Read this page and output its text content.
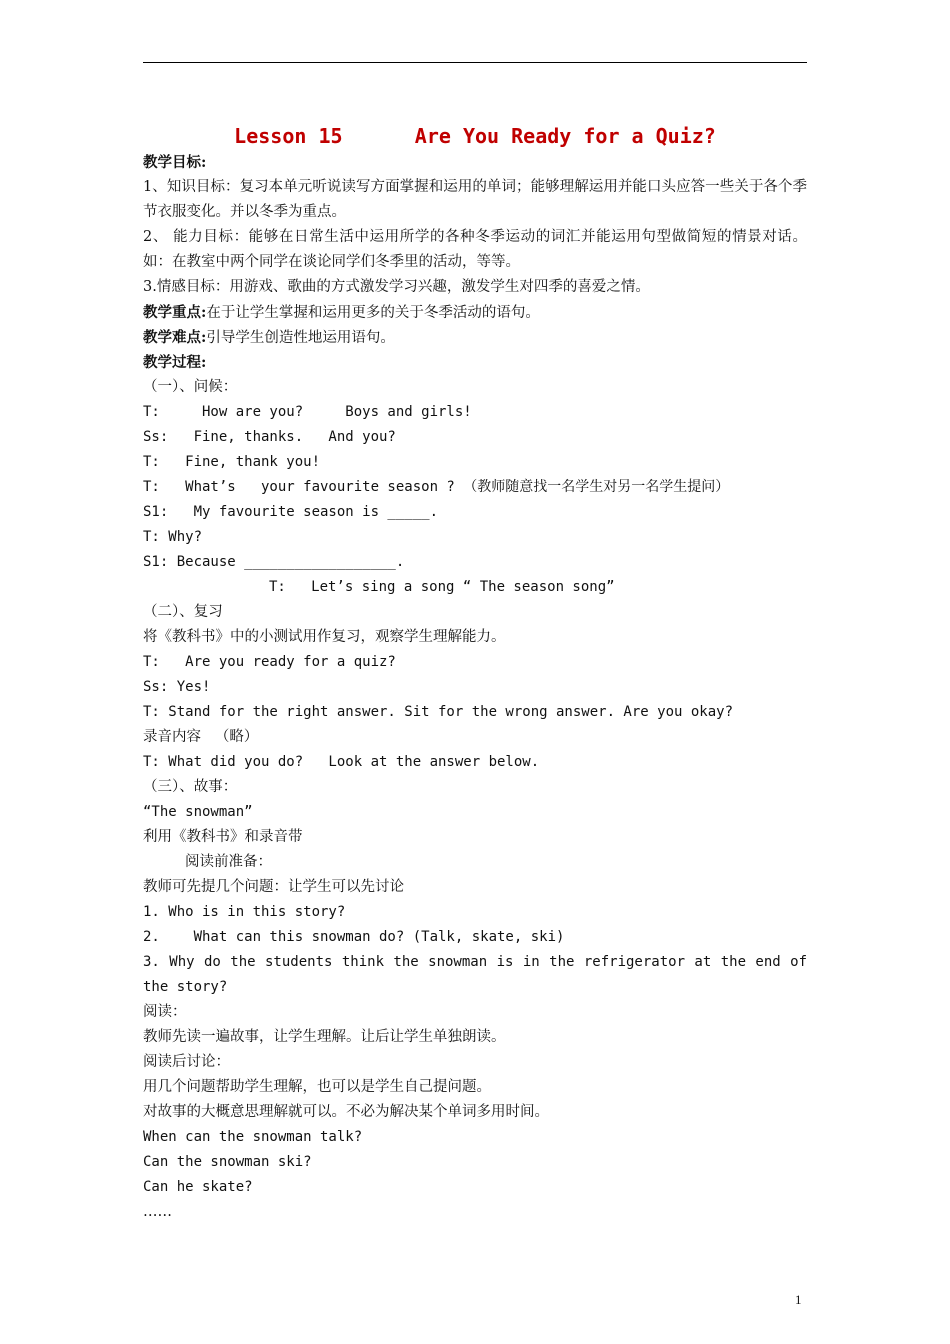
Lesson 15      Are You Ready for a Quiz?
教学目标:
1、知识目标：复习本单元听说读写方面掌握和运用的单词；能够理解运用并能口头应答一些关于各个季节衣服变化。并以冬季为重点。
2、 能力目标：能够在日常生活中运用所学的各种冬季运动的词汇并能运用句型做简短的情景对话。如：在教室中两个同学在谈论同学们冬季里的活动，等等。
3.情感目标：用游戏、歌曲的方式激发学习兴趣，激发学生对四季的喜爱之情。
教学重点:在于让学生掌握和运用更多的关于冬季活动的语句。
教学难点:引导学生创造性地运用语句。
教学过程:
（一）、问候：
T:     How are you?     Boys and girls!
Ss:   Fine, thanks.   And you?
T:   Fine, thank you!
T:   What’s   your favourite season ? （教师随意找一名学生对另一名学生提问）
S1:   My favourite season is _____.
T: Why?
S1: Because __________________.
T:   Let’s sing a song “ The season song”
（二）、复习
将《教科书》中的小测试用作复习，观察学生理解能力。
T:   Are you ready for a quiz?
Ss: Yes!
T: Stand for the right answer. Sit for the wrong answer. Are you okay?
录音内容   （略）
T: What did you do?   Look at the answer below.
（三）、故事：
“The snowman”
利用《教科书》和录音带
阅读前准备：
教师可先提几个问题：让学生可以先讨论
1. Who is in this story?
2.    What can this snowman do? (Talk, skate, ski)
3. Why do the students think the snowman is in the refrigerator at the end of the story?
阅读：
教师先读一遍故事，让学生理解。让后让学生单独朗读。
阅读后讨论：
用几个问题帮助学生理解，也可以是学生自己提问题。
对故事的大概意思理解就可以。不必为解决某个单词多用时间。
When can the snowman talk?
Can the snowman ski?
Can he skate?
……
1
